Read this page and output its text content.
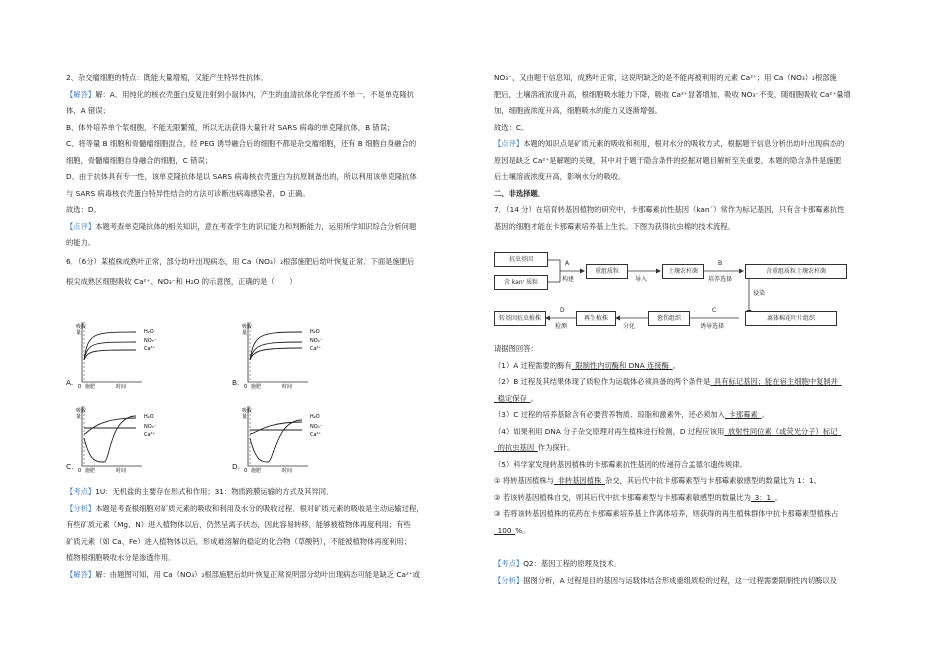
2、杂交瘤细胞的特点：既能大量增殖，又能产生特异性抗体。

【解答】解：A、用纯化的核衣壳蛋白反复注射到小鼠体内，产生的血清抗体化学性质不单一，不是单克隆抗

体，A 错误；

B、体外培养单个浆细胞，不能无限繁殖，所以无法获得大量针对 SARS 病毒的单克隆抗体，B 错误；

C、将等量 B 细胞和骨髓瘤细胞混合，经 PEG 诱导融合后的细胞不都是杂交瘤细胞，还有 B 细胞自身融合的

细胞，骨髓瘤细胞自身融合的细胞，C 错误；

D、由于抗体具有专一性，该单克隆抗体是以 SARS 病毒核衣壳蛋白为抗原制备出的，所以利用该单克隆抗体

与 SARS 病毒核衣壳蛋白特异性结合的方法可诊断出病毒感染者，D 正确。

故选：D。

【点评】本题考查单克隆抗体的相关知识，意在考查学生的识记能力和判断能力，运用所学知识综合分析问题

的能力。

6．（6分）某植株成熟叶正常，部分幼叶出现病态，用 Ca（NO₃）₂根部施肥后幼叶恢复正常．下面是施肥后

根尖成熟区细胞吸收 Ca²⁺、NO₃⁻和 H₂O 的示意图，正确的是（　　）

吸收
量
0 施肥	时间
H₂O
NO₃⁻
Ca²⁺
A.
吸收
量
0 施肥	时间
H₂O
NO₃⁻
Ca²⁺
B.
吸收
量
0 施肥	时间
H₂O
NO₃⁻
Ca²⁺
C.
吸收
量
0 施肥	时间
H₂O
NO₃⁻
Ca²⁺
D.

【考点】1U：无机盐的主要存在形式和作用；31：物质跨膜运输的方式及其异同．

【分析】本题是考查根细胞对矿质元素的吸收和利用及水分的吸收过程．根对矿质元素的吸收是主动运输过程，

有些矿质元素（Mg、N）进入植物体以后，仍然呈离子状态，因此容易转移，能够被植物体再度利用；有些

矿质元素（如 Ca、Fe）进入植物体以后，形成难溶解的稳定的化合物（草酸钙），不能被植物体再度利用；

植物根细胞吸收水分是渗透作用．

【解答】解：由题图可知，用 Ca（NO₃）₂根部施肥后幼叶恢复正常说明部分幼叶出现病态可能是缺乏 Ca²⁺或

NO₃⁻，又由题干信息知，成熟叶正常，这说明缺乏的是不能再被利用的元素 Ca²⁺；用 Ca（NO₃）₂根部施

肥后，土壤溶液浓度升高，根细胞吸水能力下降，吸收 Ca²⁺显著增加，吸收 NO₃⁻不变，随细胞吸收 Ca²⁺量增

加，细胞液浓度升高，细胞吸水的能力又逐渐增强。

故选：C。

【点评】本题的知识点是矿质元素的吸收和利用，根对水分的吸收方式，根据题干信息分析出幼叶出现病态的

原因是缺乏 Ca²⁺是解题的关键，其中对于题干隐含条件的挖掘对题目解析至关重要，本题的隐含条件是施肥

后土壤溶液浓度升高，影响水分的吸收。

二、非选择题．

7．（14 分）在培育转基因植物的研究中，卡那霉素抗性基因（kan´）常作为标记基因，只有含卡那霉素抗性

基因的细胞才能在卡那霉素培养基上生长。下图为获得抗虫棉的技术流程。

抗虫基因
含 kanʳ 质粒
重组质粒	土壤农杆菌	含重组质粒土壤农杆菌
离体棉花叶片组织
愈伤组织
再生植株
转基因抗虫植株
A
构建	导入
B
培养选择
侵染
C
诱导选择
分化
D
检测

请据图回答：

（1）A 过程需要的酶有 限制性内切酶和 DNA 连接酶 。

（2）B 过程及其结果体现了质粒作为运载体必须具备的两个条件是 具有标记基因；能在宿主细胞中复制并 

 稳定保存 。

（3）C 过程的培养基除含有必要营养物质、琼脂和激素外，还必须加入 卡那霉素 。

（4）如果利用 DNA 分子杂交原理对再生植株进行检测，D 过程应该用 放射性同位素（或荧光分子）标记 

 的抗虫基因 作为探针。

（5）科学家发现转基因植株的卡那霉素抗性基因的传递符合孟德尔遗传规律。

① 将转基因植株与 非转基因植株 杂交，其后代中抗卡那霉素型与卡那霉素敏感型的数量比为 1：1。

② 若该转基因植株自交，则其后代中抗卡那霉素型与卡那霉素敏感型的数量比为 3：1 。

③ 若将该转基因植株的花药在卡那霉素培养基上作离体培养，则获得的再生植株群体中抗卡那霉素型植株占

 100 %。

【考点】Q2：基因工程的原理及技术．

【分析】据图分析，A 过程是目的基因与运载体结合形成重组质粒的过程，这一过程需要限制性内切酶以及
